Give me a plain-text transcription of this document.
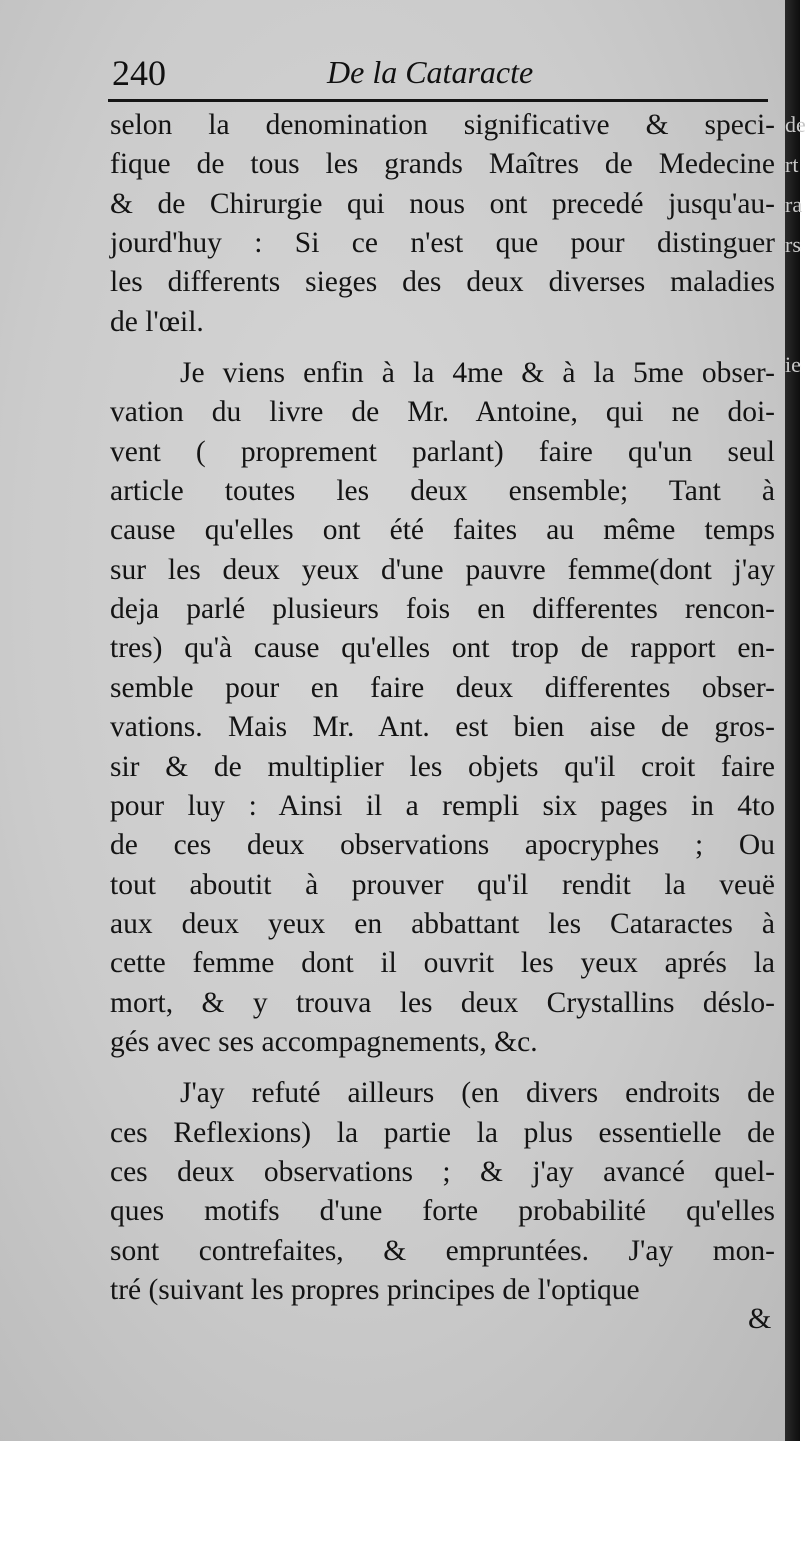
240	De la Cataracte
selon la denomination significative & speci-
fique de tous les grands Maîtres de Medecine
& de Chirurgie qui nous ont precedé jusqu'au-
jourd'huy : Si ce n'est que pour distinguer
les differents sieges des deux diverses maladies
de l'œil.
Je viens enfin à la 4me & à la 5me obser-
vation du livre de Mr. Antoine, qui ne doi-
vent ( proprement parlant) faire qu'un seul
article toutes les deux ensemble; Tant à
cause qu'elles ont été faites au même temps
sur les deux yeux d'une pauvre femme(dont j'ay
deja parlé plusieurs fois en differentes rencon-
tres) qu'à cause qu'elles ont trop de rapport en-
semble pour en faire deux differentes obser-
vations. Mais Mr. Ant. est bien aise de gros-
sir & de multiplier les objets qu'il croit faire
pour luy : Ainsi il a rempli six pages in 4to
de ces deux observations apocryphes ; Ou
tout aboutit à prouver qu'il rendit la veuë
aux deux yeux en abbattant les Cataractes à
cette femme dont il ouvrit les yeux aprés la
mort, & y trouva les deux Crystallins déslo-
gés avec ses accompagnements, &c.
J'ay refuté ailleurs (en divers endroits de
ces Reflexions) la partie la plus essentielle de
ces deux observations ; & j'ay avancé quel-
ques motifs d'une forte probabilité qu'elles
sont contrefaites, & empruntées. J'ay mon-
tré (suivant les propres principes de l'optique
&
de
rt
ra
rs
ie
